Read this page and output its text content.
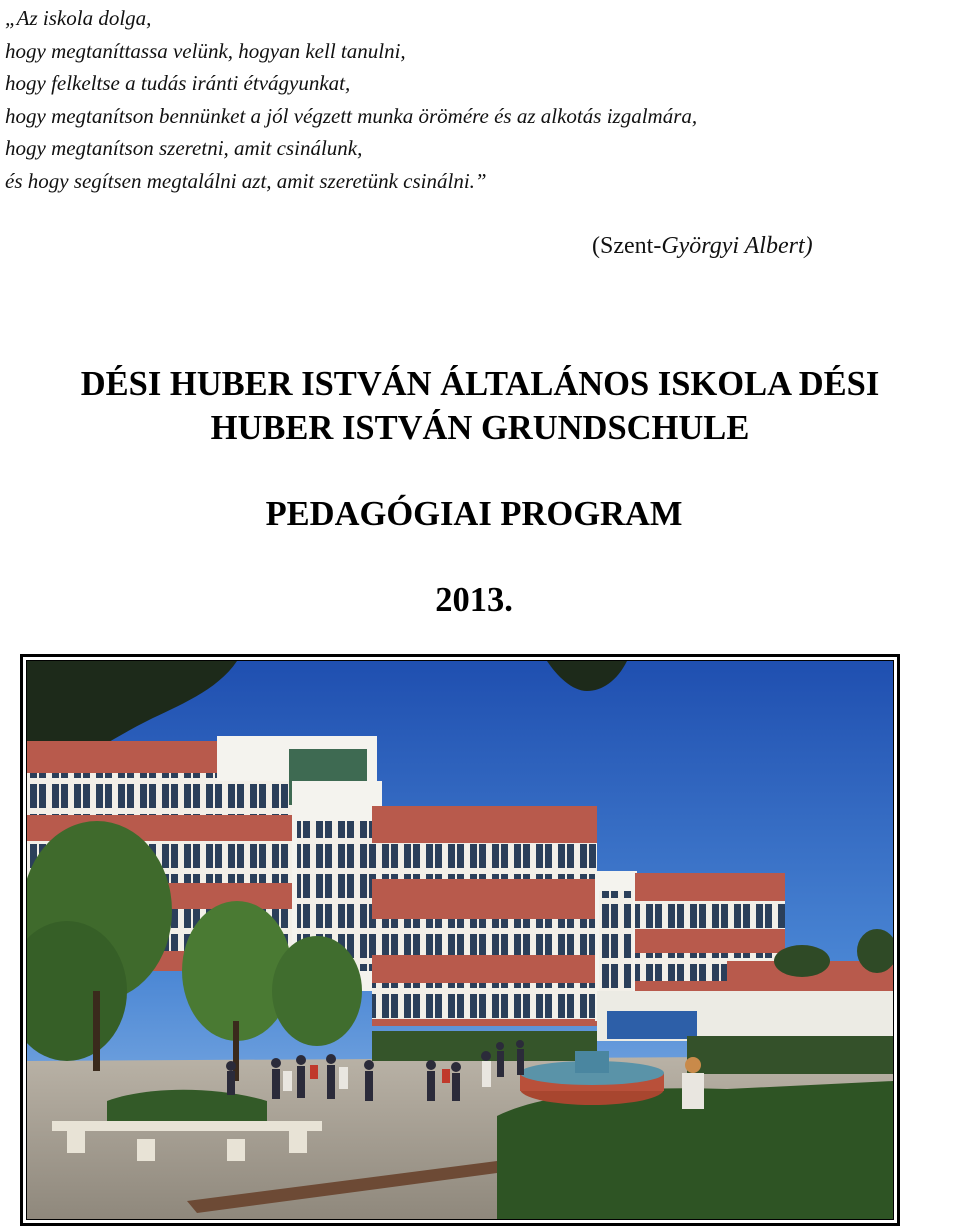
„Az iskola dolga,
hogy megtaníttassa velünk, hogyan kell tanulni,
hogy felkeltse a tudás iránti étvágyunkat,
hogy megtanítson bennünket a jól végzett munka örömére és az alkotás izgalmára,
hogy megtanítson szeretni, amit csinálunk,
és hogy segítsen megtalálni azt, amit szeretünk csinálni.”
(Szent-Györgyi Albert)
DÉSI HUBER ISTVÁN ÁLTALÁNOS ISKOLA DÉSI
HUBER ISTVÁN GRUNDSCHULE
PEDAGÓGIAI PROGRAM
2013.
